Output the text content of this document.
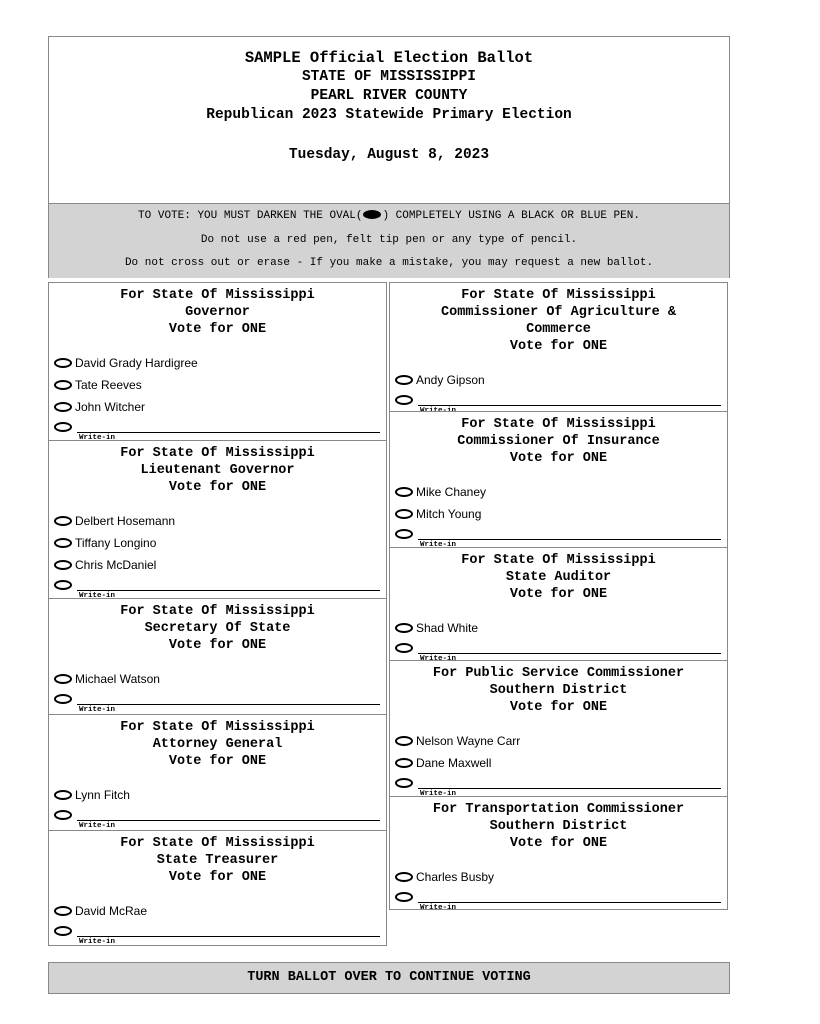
SAMPLE Official Election Ballot
STATE OF MISSISSIPPI
PEARL RIVER COUNTY
Republican 2023 Statewide Primary Election
Tuesday, August 8, 2023
TO VOTE: YOU MUST DARKEN THE OVAL( ) COMPLETELY USING A BLACK OR BLUE PEN.
Do not use a red pen, felt tip pen or any type of pencil.
Do not cross out or erase - If you make a mistake, you may request a new ballot.
For State Of Mississippi
Governor
Vote for ONE
David Grady Hardigree
Tate Reeves
John Witcher
Write-in
For State Of Mississippi
Lieutenant Governor
Vote for ONE
Delbert Hosemann
Tiffany Longino
Chris McDaniel
Write-in
For State Of Mississippi
Secretary Of State
Vote for ONE
Michael Watson
Write-in
For State Of Mississippi
Attorney General
Vote for ONE
Lynn Fitch
Write-in
For State Of Mississippi
State Treasurer
Vote for ONE
David McRae
Write-in
For State Of Mississippi
Commissioner Of Agriculture &
Commerce
Vote for ONE
Andy Gipson
Write-in
For State Of Mississippi
Commissioner Of Insurance
Vote for ONE
Mike Chaney
Mitch Young
Write-in
For State Of Mississippi
State Auditor
Vote for ONE
Shad White
Write-in
For Public Service Commissioner
Southern District
Vote for ONE
Nelson Wayne Carr
Dane Maxwell
Write-in
For Transportation Commissioner
Southern District
Vote for ONE
Charles Busby
Write-in
TURN BALLOT OVER TO CONTINUE VOTING
